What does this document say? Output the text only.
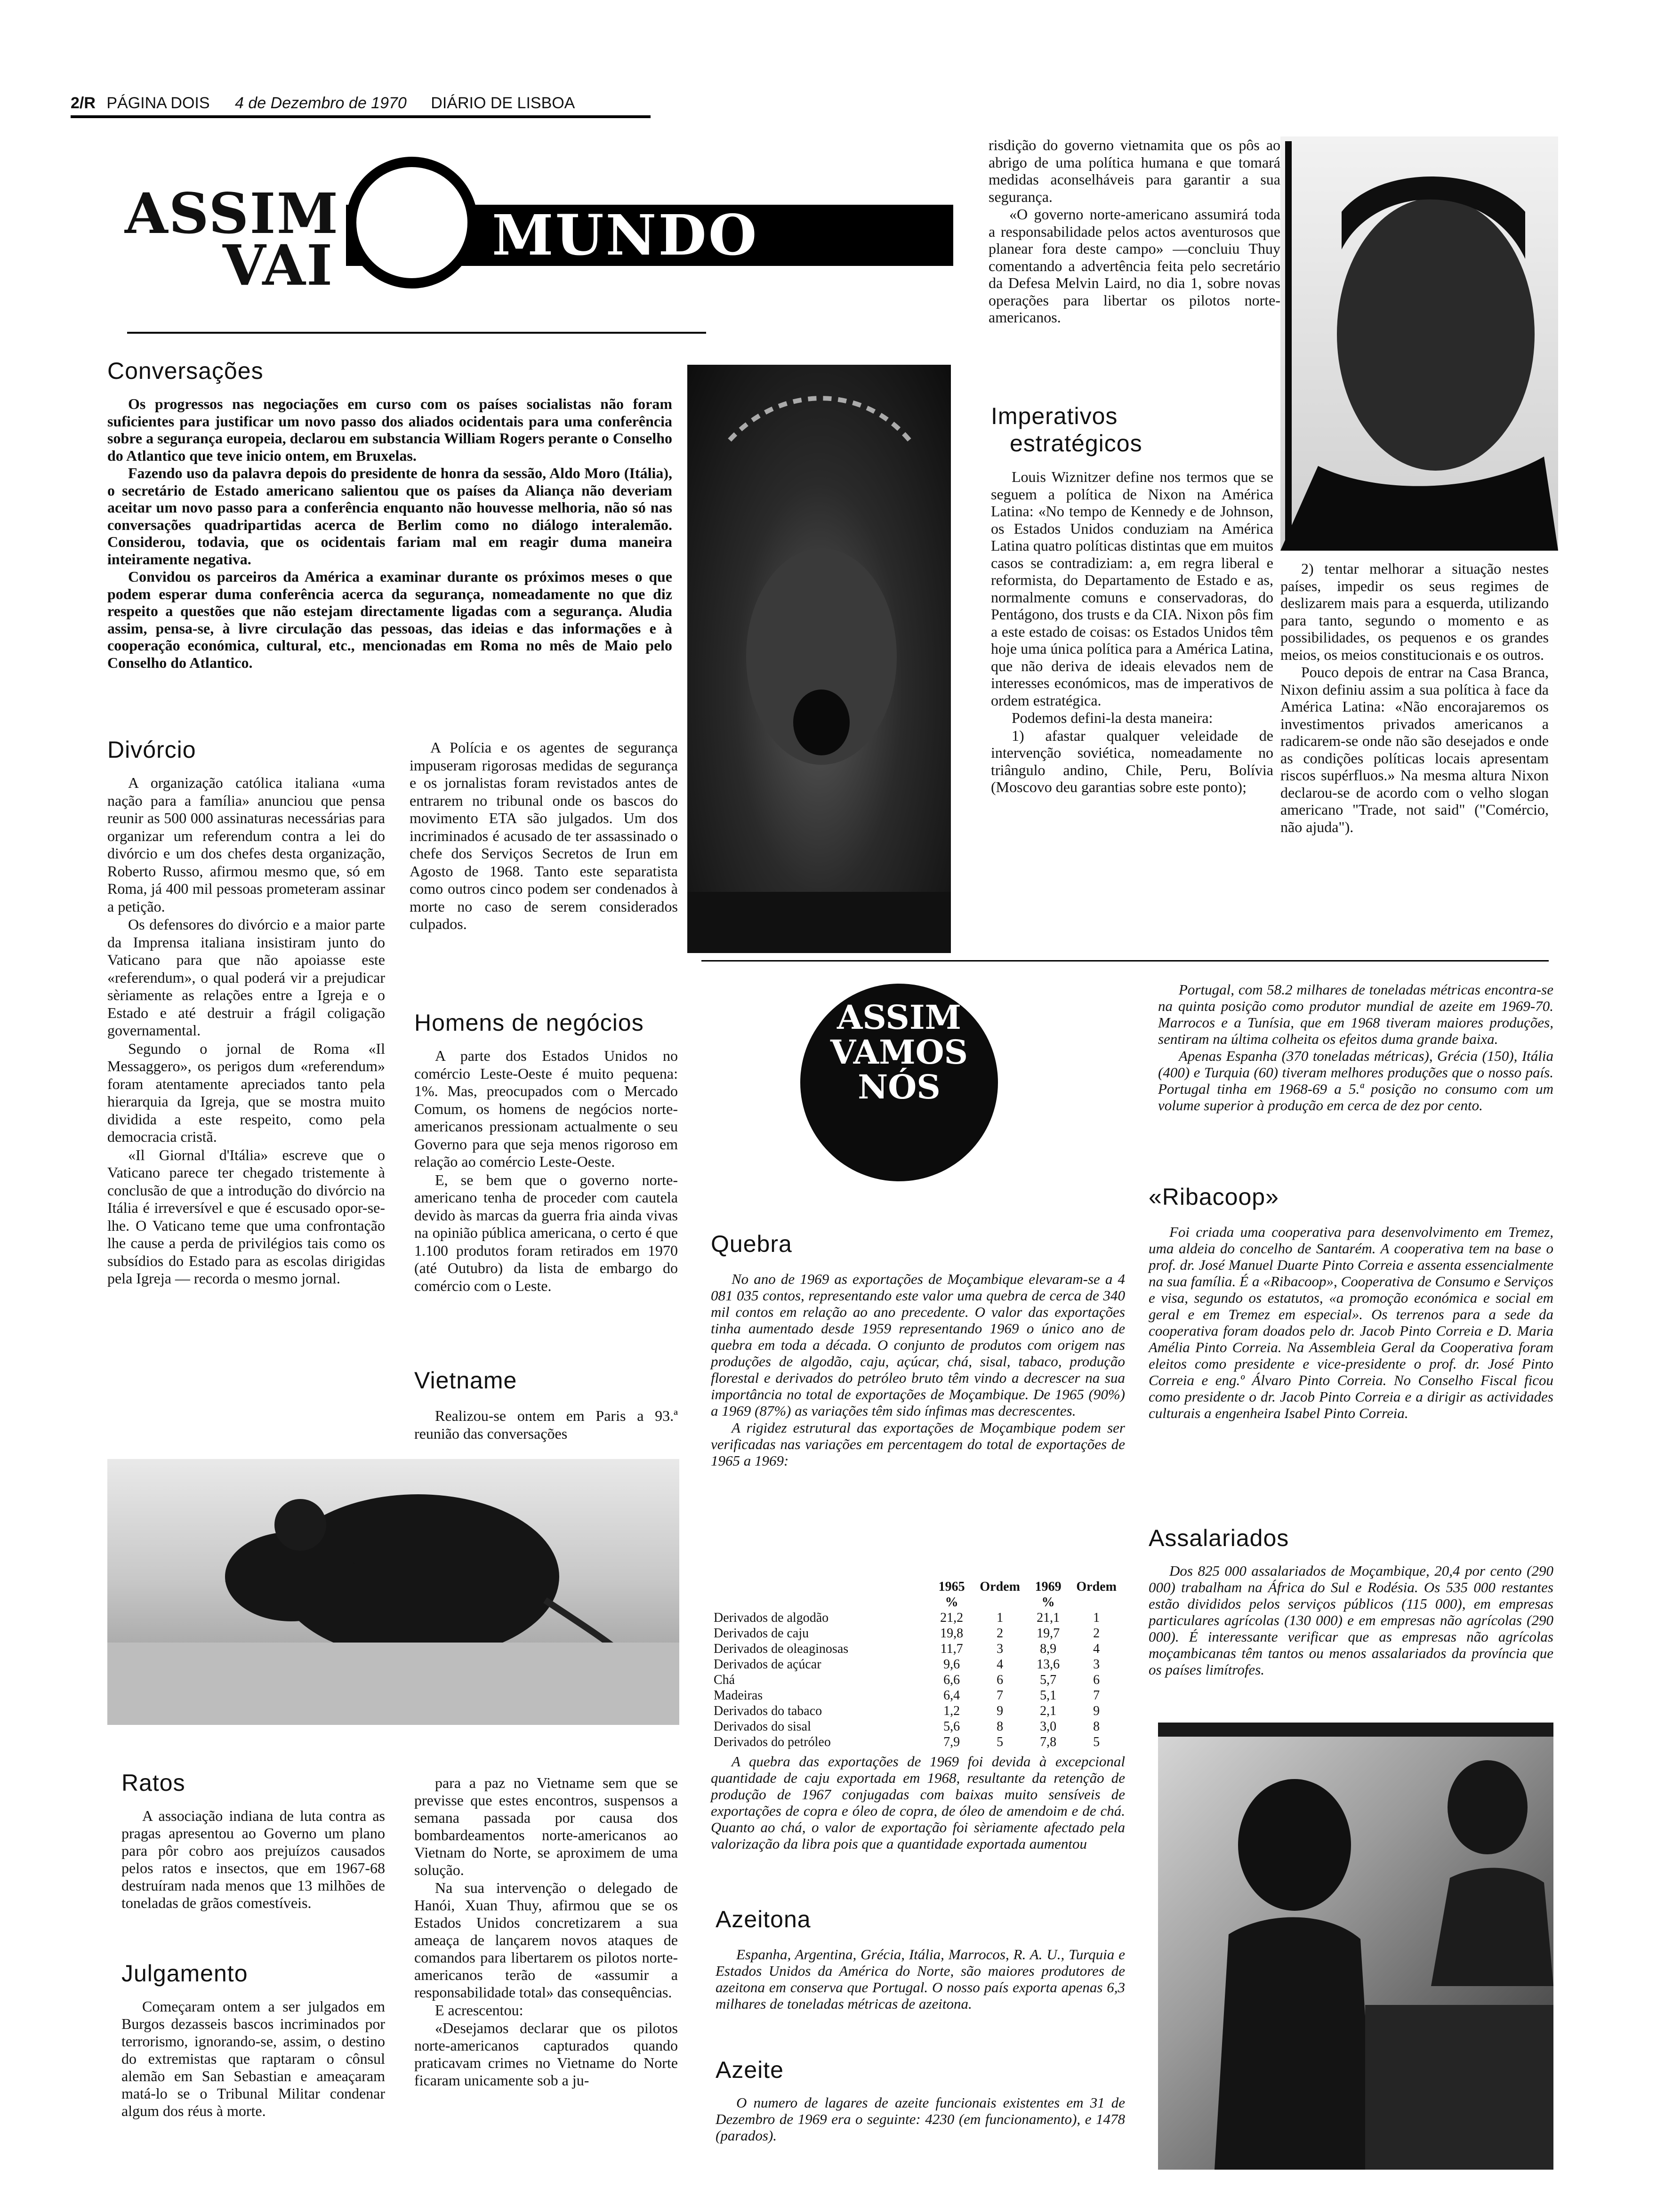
2/R PÁGINA DOIS 4 de Dezembro de 1970 DIÁRIO DE LISBOA
MUNDO
ASSIM
VAI
Conversações

Os progressos nas negociações em curso com os países socialistas não foram suficientes para justificar um novo passo dos aliados ocidentais para uma conferência sobre a segurança europeia, declarou em substancia William Rogers perante o Conselho do Atlantico que teve inicio ontem, em Bruxelas.

Fazendo uso da palavra depois do presidente de honra da sessão, Aldo Moro (Itália), o secretário de Estado americano salientou que os países da Aliança não deveriam aceitar um novo passo para a conferência enquanto não houvesse melhoria, não só nas conversações quadripartidas acerca de Berlim como no diálogo interalemão. Considerou, todavia, que os ocidentais fariam mal em reagir duma maneira inteiramente negativa.

Convidou os parceiros da América a examinar durante os próximos meses o que podem esperar duma conferência acerca da segurança, nomeadamente no que diz respeito a questões que não estejam directamente ligadas com a segurança. Aludia assim, pensa-se, à livre circulação das pessoas, das ideias e das informações e à cooperação económica, cultural, etc., mencionadas em Roma no mês de Maio pelo Conselho do Atlantico.

Divórcio

A organização católica italiana «uma nação para a família» anunciou que pensa reunir as 500 000 assinaturas necessárias para organizar um referendum contra a lei do divórcio e um dos chefes desta organização, Roberto Russo, afirmou mesmo que, só em Roma, já 400 mil pessoas prometeram assinar a petição.

Os defensores do divórcio e a maior parte da Imprensa italiana insistiram junto do Vaticano para que não apoiasse este «referendum», o qual poderá vir a prejudicar sèriamente as relações entre a Igreja e o Estado e até destruir a frágil coligação governamental.

Segundo o jornal de Roma «Il Messaggero», os perigos dum «referendum» foram atentamente apreciados tanto pela hierarquia da Igreja, que se mostra muito dividida a este respeito, como pela democracia cristã.

«Il Giornal d'Itália» escreve que o Vaticano parece ter chegado tristemente à conclusão de que a introdução do divórcio na Itália é irreversível e que é escusado opor-se-lhe. O Vaticano teme que uma confrontação lhe cause a perda de privilégios tais como os subsídios do Estado para as escolas dirigidas pela Igreja — recorda o mesmo jornal.

A Polícia e os agentes de segurança impuseram rigorosas medidas de segurança e os jornalistas foram revistados antes de entrarem no tribunal onde os bascos do movimento ETA são julgados. Um dos incriminados é acusado de ter assassinado o chefe dos Serviços Secretos de Irun em Agosto de 1968. Tanto este separatista como outros cinco podem ser condenados à morte no caso de serem considerados culpados.

Homens de negócios

A parte dos Estados Unidos no comércio Leste-Oeste é muito pequena: 1%. Mas, preocupados com o Mercado Comum, os homens de negócios norte-americanos pressionam actualmente o seu Governo para que seja menos rigoroso em relação ao comércio Leste-Oeste.

E, se bem que o governo norte-americano tenha de proceder com cautela devido às marcas da guerra fria ainda vivas na opinião pública americana, o certo é que 1.100 produtos foram retirados em 1970 (até Outubro) da lista de embargo do comércio com o Leste.

Vietname

Realizou-se ontem em Paris a 93.ª reunião das conversações

Ratos

A associação indiana de luta contra as pragas apresentou ao Governo um plano para pôr cobro aos prejuízos causados pelos ratos e insectos, que em 1967-68 destruíram nada menos que 13 milhões de toneladas de grãos comestíveis.

Julgamento

Começaram ontem a ser julgados em Burgos dezasseis bascos incriminados por terrorismo, ignorando-se, assim, o destino do extremistas que raptaram o cônsul alemão em San Sebastian e ameaçaram matá-lo se o Tribunal Militar condenar algum dos réus à morte.

para a paz no Vietname sem que se previsse que estes encontros, suspensos a semana passada por causa dos bombardeamentos norte-americanos ao Vietnam do Norte, se aproximem de uma solução.

Na sua intervenção o delegado de Hanói, Xuan Thuy, afirmou que se os Estados Unidos concretizarem a sua ameaça de lançarem novos ataques de comandos para libertarem os pilotos norte-americanos terão de «assumir a responsabilidade total» das consequências.

E acrescentou:

«Desejamos declarar que os pilotos norte-americanos capturados quando praticavam crimes no Vietname do Norte ficaram unicamente sob a ju-

risdição do governo vietnamita que os pôs ao abrigo de uma política humana e que tomará medidas aconselháveis para garantir a sua segurança.

«O governo norte-americano assumirá toda a responsabilidade pelos actos aventurosos que planear fora deste campo» —concluiu Thuy comentando a advertência feita pelo secretário da Defesa Melvin Laird, no dia 1, sobre novas operações para libertar os pilotos norte-americanos.

Imperativos
estratégicos

Louis Wiznitzer define nos termos que se seguem a política de Nixon na América Latina: «No tempo de Kennedy e de Johnson, os Estados Unidos conduziam na América Latina quatro políticas distintas que em muitos casos se contradiziam: a, em regra liberal e reformista, do Departamento de Estado e as, normalmente comuns e conservadoras, do Pentágono, dos trusts e da CIA. Nixon pôs fim a este estado de coisas: os Estados Unidos têm hoje uma única política para a América Latina, que não deriva de ideais elevados nem de interesses económicos, mas de imperativos de ordem estratégica.

Podemos defini-la desta maneira:

1) afastar qualquer veleidade de intervenção soviética, nomeadamente no triângulo andino, Chile, Peru, Bolívia (Moscovo deu garantias sobre este ponto);

2) tentar melhorar a situação nestes países, impedir os seus regimes de deslizarem mais para a esquerda, utilizando para tanto, segundo o momento e as possibilidades, os pequenos e os grandes meios, os meios constitucionais e os outros.

Pouco depois de entrar na Casa Branca, Nixon definiu assim a sua política à face da América Latina: «Não encorajaremos os investimentos privados americanos a radicarem-se onde não são desejados e onde as condições políticas locais apresentam riscos supérfluos.» Na mesma altura Nixon declarou-se de acordo com o velho slogan americano "Trade, not said" ("Comércio, não ajuda").

ASSIM
VAMOS
NÓS

Portugal, com 58.2 milhares de toneladas métricas encontra-se na quinta posição como produtor mundial de azeite em 1969-70. Marrocos e a Tunísia, que em 1968 tiveram maiores produções, sentiram na última colheita os efeitos duma grande baixa.

Apenas Espanha (370 toneladas métricas), Grécia (150), Itália (400) e Turquia (60) tiveram melhores produções que o nosso país. Portugal tinha em 1968-69 a 5.ª posição no consumo com um volume superior à produção em cerca de dez por cento.

Quebra

No ano de 1969 as exportações de Moçambique elevaram-se a 4 081 035 contos, representando este valor uma quebra de cerca de 340 mil contos em relação ao ano precedente. O valor das exportações tinha aumentado desde 1959 representando 1969 o único ano de quebra em toda a década. O conjunto de produtos com origem nas produções de algodão, caju, açúcar, chá, sisal, tabaco, produção florestal e derivados do petróleo bruto têm vindo a decrescer na sua importância no total de exportações de Moçambique. De 1965 (90%) a 1969 (87%) as variações têm sido ínfimas mas decrescentes.

A rigidez estrutural das exportações de Moçambique podem ser verificadas nas variações em percentagem do total de exportações de 1965 a 1969:

	1965	Ordem	1969	Ordem
	%		%	
Derivados de algodão	21,2	1	21,1	1
Derivados de caju	19,8	2	19,7	2
Derivados de oleaginosas	11,7	3	8,9	4
Derivados de açúcar	9,6	4	13,6	3
Chá	6,6	6	5,7	6
Madeiras	6,4	7	5,1	7
Derivados do tabaco	1,2	9	2,1	9
Derivados do sisal	5,6	8	3,0	8
Derivados do petróleo	7,9	5	7,8	5

A quebra das exportações de 1969 foi devida à excepcional quantidade de caju exportada em 1968, resultante da retenção de produção de 1967 conjugadas com baixas muito sensíveis de exportações de copra e óleo de copra, de óleo de amendoim e de chá. Quanto ao chá, o valor de exportação foi sèriamente afectado pela valorização da libra pois que a quantidade exportada aumentou

Azeitona

Espanha, Argentina, Grécia, Itália, Marrocos, R. A. U., Turquia e Estados Unidos da América do Norte, são maiores produtores de azeitona em conserva que Portugal. O nosso país exporta apenas 6,3 milhares de toneladas métricas de azeitona.

Azeite

O numero de lagares de azeite funcionais existentes em 31 de Dezembro de 1969 era o seguinte: 4230 (em funcionamento), e 1478 (parados).

«Ribacoop»

Foi criada uma cooperativa para desenvolvimento em Tremez, uma aldeia do concelho de Santarém. A cooperativa tem na base o prof. dr. José Manuel Duarte Pinto Correia e assenta essencialmente na sua família. É a «Ribacoop», Cooperativa de Consumo e Serviços e visa, segundo os estatutos, «a promoção económica e social em geral e em Tremez em especial». Os terrenos para a sede da cooperativa foram doados pelo dr. Jacob Pinto Correia e D. Maria Amélia Pinto Correia. Na Assembleia Geral da Cooperativa foram eleitos como presidente e vice-presidente o prof. dr. José Pinto Correia e eng.º Álvaro Pinto Correia. No Conselho Fiscal ficou como presidente o dr. Jacob Pinto Correia e a dirigir as actividades culturais a engenheira Isabel Pinto Correia.

Assalariados

Dos 825 000 assalariados de Moçambique, 20,4 por cento (290 000) trabalham na África do Sul e Rodésia. Os 535 000 restantes estão divididos pelos serviços públicos (115 000), em empresas particulares agrícolas (130 000) e em empresas não agrícolas (290 000). É interessante verificar que as empresas não agrícolas moçambicanas têm tantos ou menos assalariados da província que os países limítrofes.
